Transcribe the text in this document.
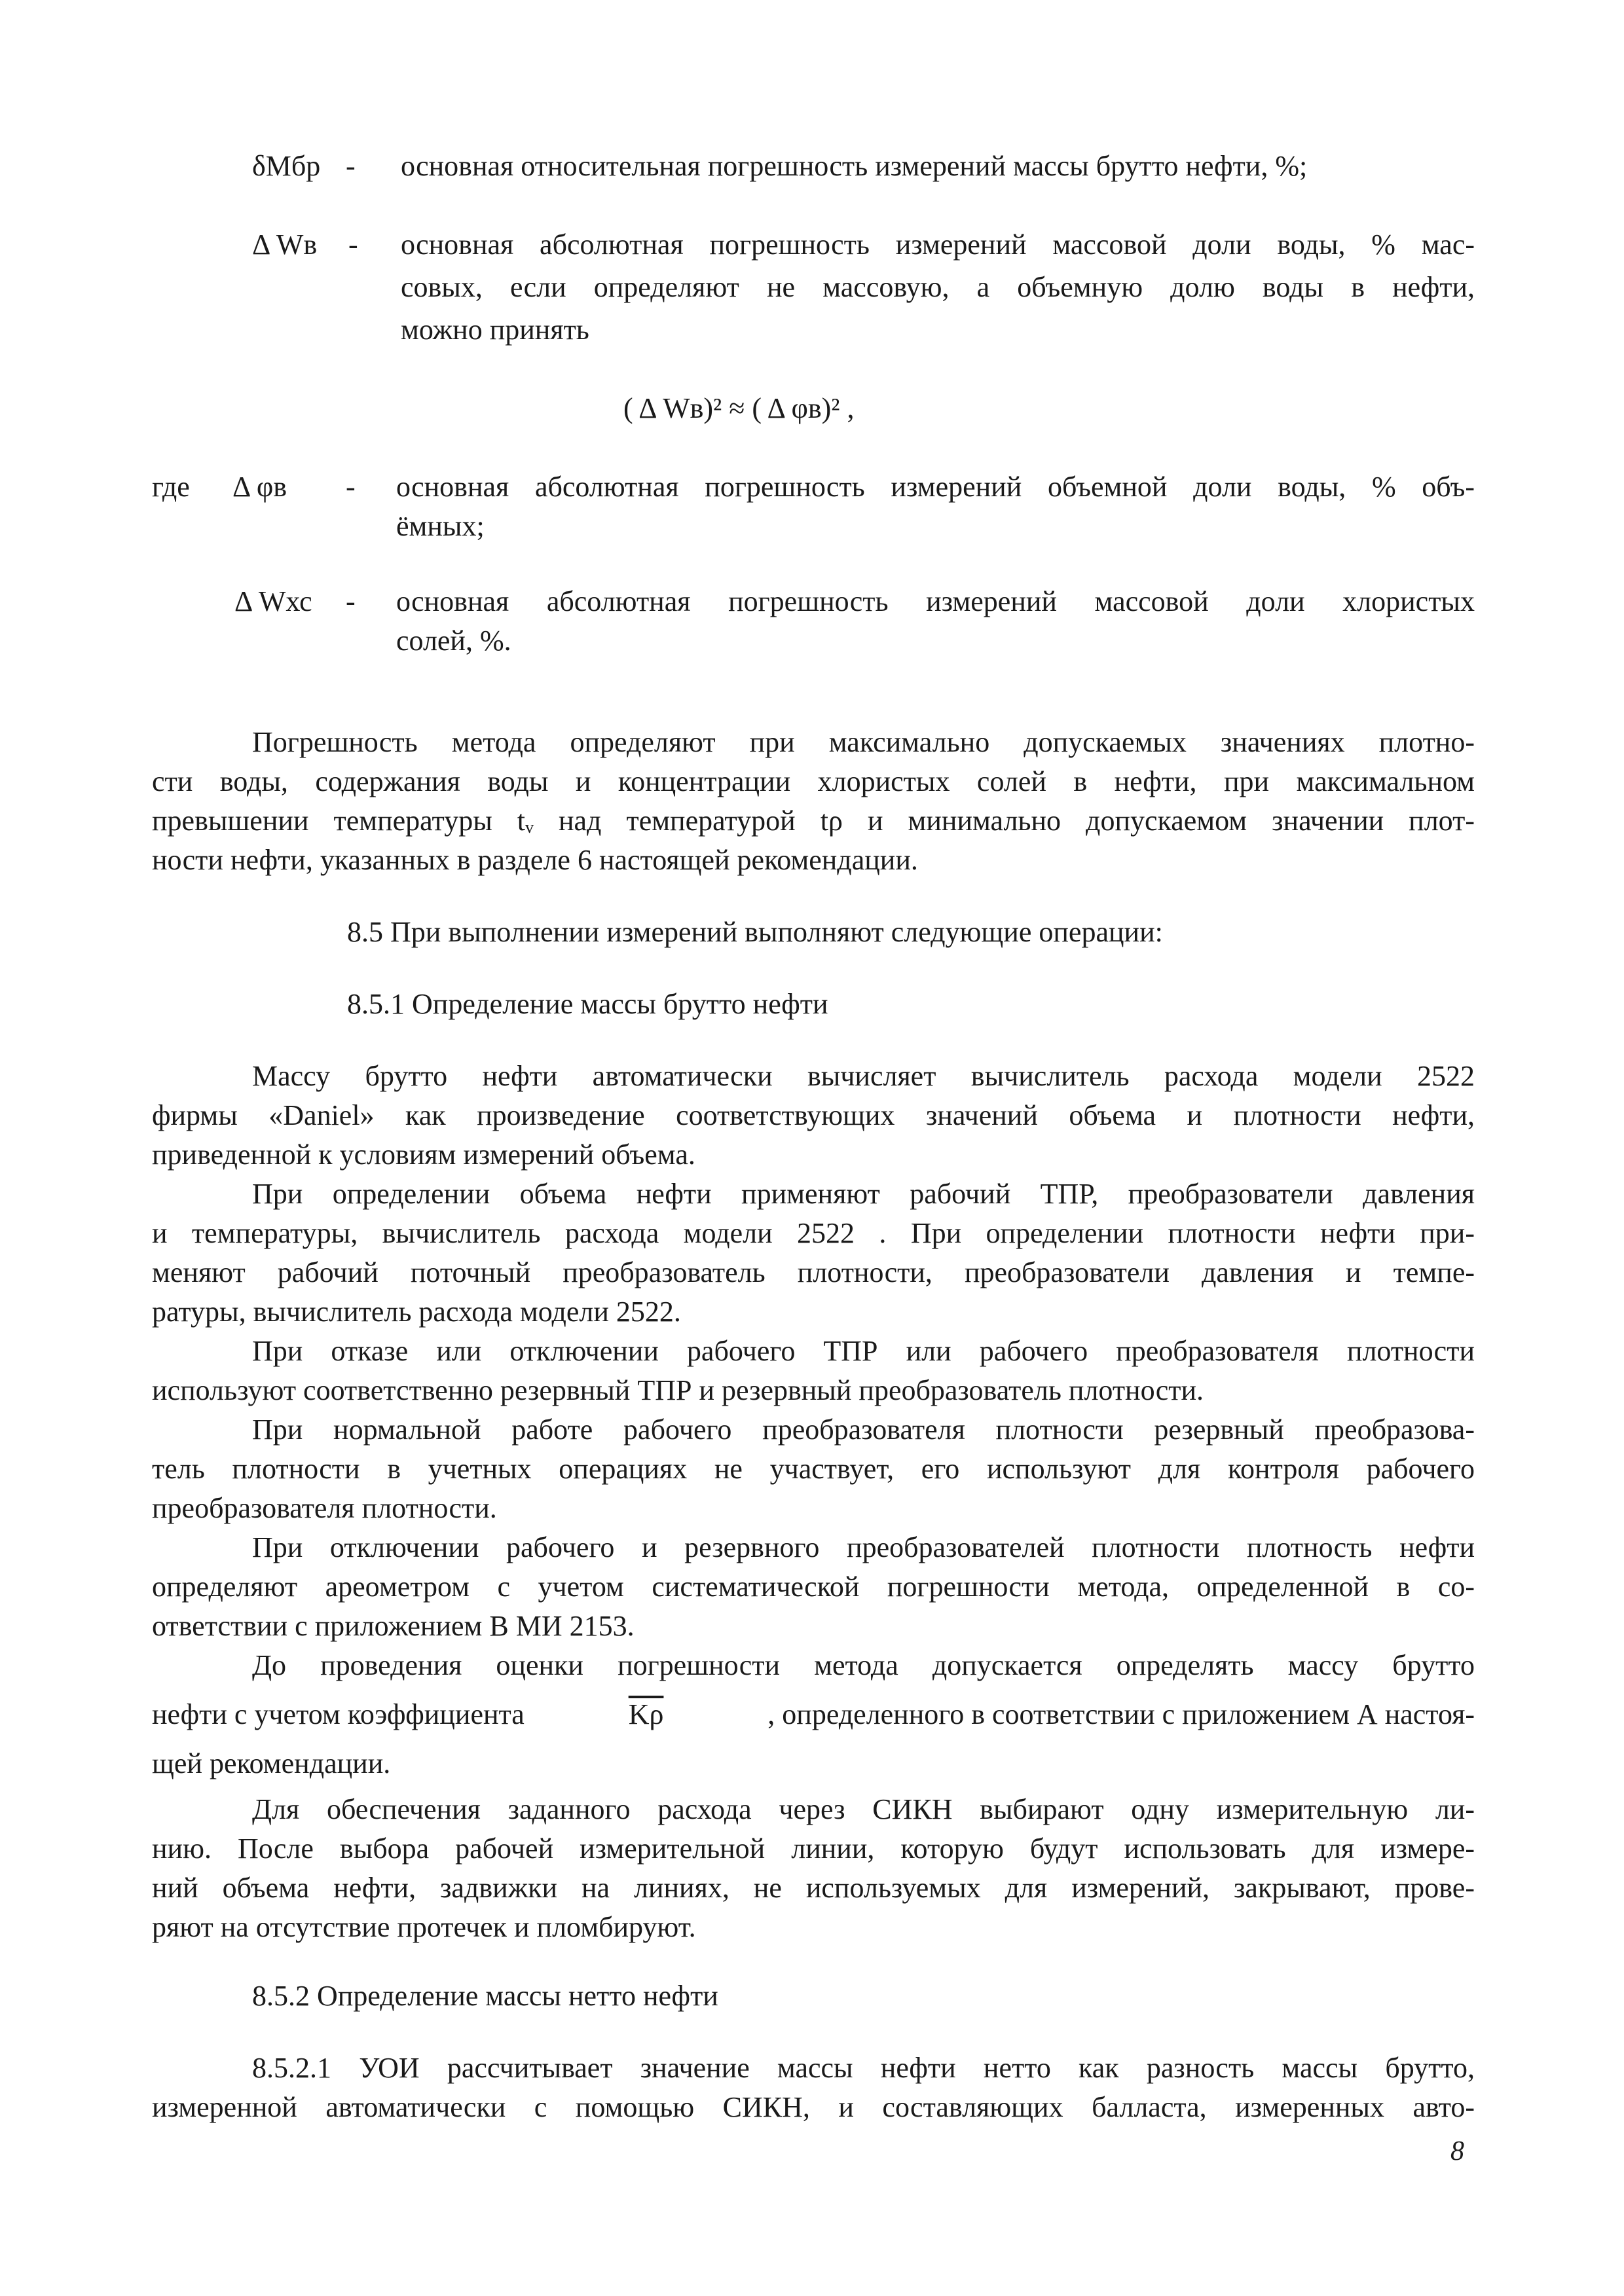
δМбр - основная относительная погрешность измерений массы брутто нефти, %;
Δ Wв - основная абсолютная погрешность измерений массовой доли воды, % мас-
совых, если определяют не массовую, а объемную долю воды в нефти,
можно принять
( Δ Wв)² ≈ ( Δ φв)² ,
где Δ φв - основная абсолютная погрешность измерений объемной доли воды, % объ-
ёмных;
Δ Wхс - основная абсолютная погрешность измерений массовой доли хлористых
солей, %.
Погрешность метода определяют при максимально допускаемых значениях плотно-
сти воды, содержания воды и концентрации хлористых солей в нефти, при максимальном
превышении температуры tᵥ над температурой tρ и минимально допускаемом значении плот-
ности нефти, указанных в разделе 6 настоящей рекомендации.
8.5 При выполнении измерений выполняют следующие операции:
8.5.1 Определение массы брутто нефти
Массу брутто нефти автоматически вычисляет вычислитель расхода модели 2522
фирмы «Daniel» как произведение соответствующих значений объема и плотности нефти,
приведенной к условиям измерений объема.
При определении объема нефти применяют рабочий ТПР, преобразователи давления
и температуры, вычислитель расхода модели 2522 . При определении плотности нефти при-
меняют рабочий поточный преобразователь плотности, преобразователи давления и темпе-
ратуры, вычислитель расхода модели 2522.
При отказе или отключении рабочего ТПР или рабочего преобразователя плотности
используют соответственно резервный ТПР и резервный преобразователь плотности.
При нормальной работе рабочего преобразователя плотности резервный преобразова-
тель плотности в учетных операциях не участвует, его используют для контроля рабочего
преобразователя плотности.
При отключении рабочего и резервного преобразователей плотности плотность нефти
определяют ареометром с учетом систематической погрешности метода, определенной в со-
ответствии с приложением В МИ 2153.
До проведения оценки погрешности метода допускается определять массу брутто
нефти с учетом коэффициента	$\overline{K\rho}$	, определенного в соответствии с приложением А настоя-
щей рекомендации.
Для обеспечения заданного расхода через СИКН выбирают одну измерительную ли-
нию. После выбора рабочей измерительной линии, которую будут использовать для измере-
ний объема нефти, задвижки на линиях, не используемых для измерений, закрывают, прове-
ряют на отсутствие протечек и пломбируют.
8.5.2 Определение массы нетто нефти
8.5.2.1 УОИ рассчитывает значение массы нефти нетто как разность массы брутто,
измеренной автоматически с помощью СИКН, и составляющих балласта, измеренных авто-
8
